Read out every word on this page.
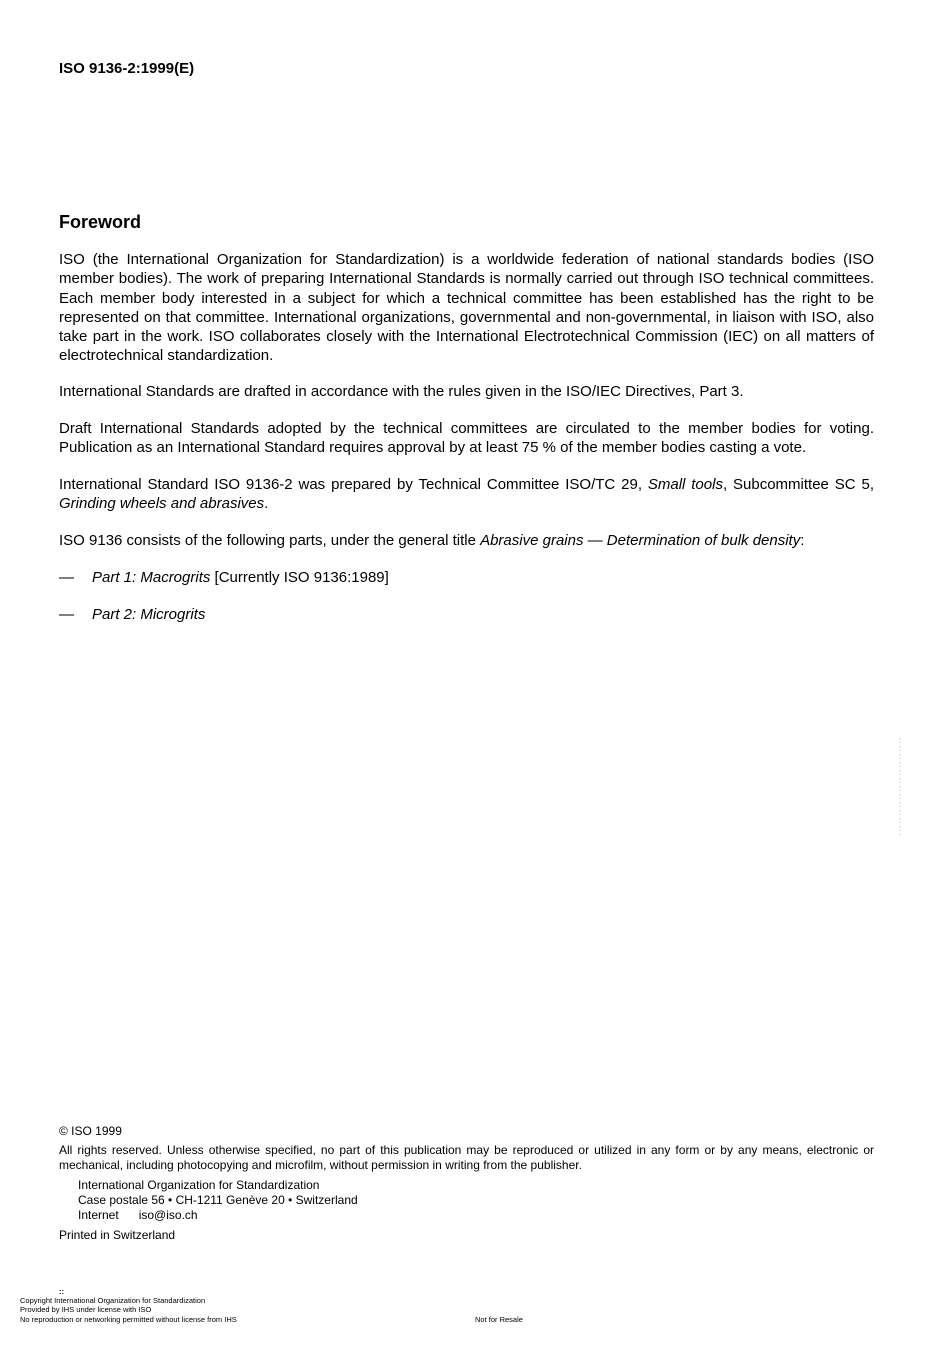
ISO 9136-2:1999(E)
Foreword
ISO (the International Organization for Standardization) is a worldwide federation of national standards bodies (ISO member bodies). The work of preparing International Standards is normally carried out through ISO technical committees. Each member body interested in a subject for which a technical committee has been established has the right to be represented on that committee. International organizations, governmental and non-governmental, in liaison with ISO, also take part in the work. ISO collaborates closely with the International Electrotechnical Commission (IEC) on all matters of electrotechnical standardization.
International Standards are drafted in accordance with the rules given in the ISO/IEC Directives, Part 3.
Draft International Standards adopted by the technical committees are circulated to the member bodies for voting. Publication as an International Standard requires approval by at least 75 % of the member bodies casting a vote.
International Standard ISO 9136-2 was prepared by Technical Committee ISO/TC 29, Small tools, Subcommittee SC 5, Grinding wheels and abrasives.
ISO 9136 consists of the following parts, under the general title Abrasive grains — Determination of bulk density:
— Part 1: Macrogrits [Currently ISO 9136:1989]
— Part 2: Microgrits
© ISO 1999
All rights reserved. Unless otherwise specified, no part of this publication may be reproduced or utilized in any form or by any means, electronic or mechanical, including photocopying and microfilm, without permission in writing from the publisher.
International Organization for Standardization
Case postale 56 • CH-1211 Genève 20 • Switzerland
Internet iso@iso.ch
Printed in Switzerland
::
Copyright International Organization for Standardization
Provided by IHS under license with ISO
No reproduction or networking permitted without license from IHS	Not for Resale
